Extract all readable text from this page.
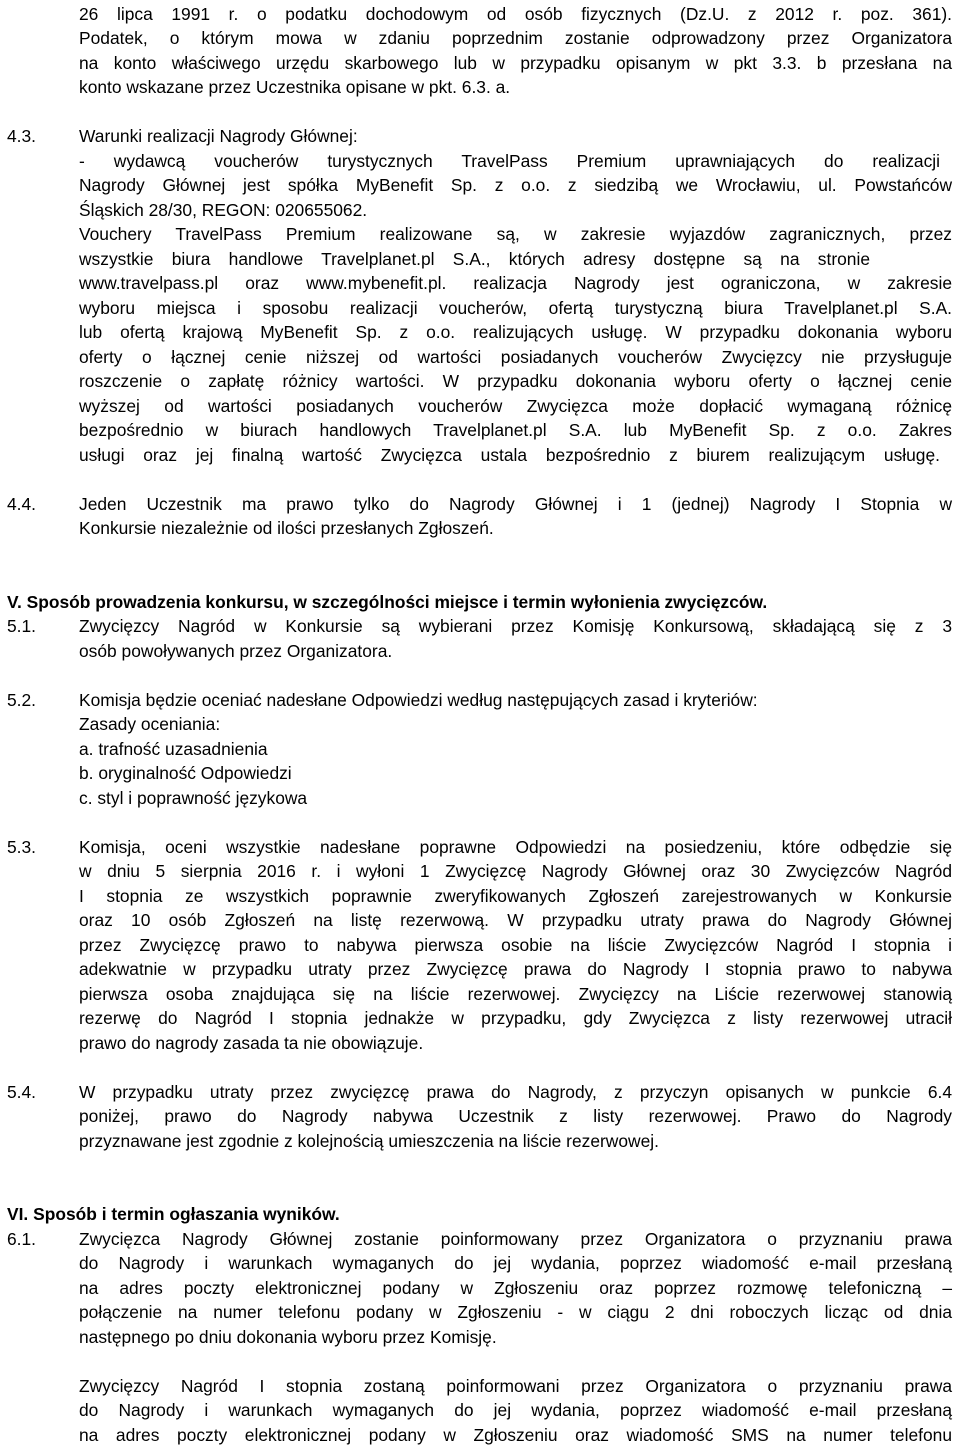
26 lipca 1991 r. o podatku dochodowym od osób fizycznych (Dz.U. z 2012 r. poz. 361).
Podatek, o którym mowa w zdaniu poprzednim zostanie odprowadzony przez Organizatora
na konto właściwego urzędu skarbowego lub w przypadku opisanym w pkt 3.3. b przesłana na
konto wskazane przez Uczestnika opisane w pkt. 6.3. a.
4.3. Warunki realizacji Nagrody Głównej:
- wydawcą voucherów turystycznych TravelPass Premium uprawniających do realizacji
Nagrody Głównej jest spółka MyBenefit Sp. z o.o. z siedzibą we Wrocławiu, ul. Powstańców
Śląskich 28/30, REGON: 020655062.
Vouchery TravelPass Premium realizowane są, w zakresie wyjazdów zagranicznych, przez
wszystkie biura handlowe Travelplanet.pl S.A., których adresy dostępne są na stronie
www.travelpass.pl oraz www.mybenefit.pl. realizacja Nagrody jest ograniczona, w zakresie
wyboru miejsca i sposobu realizacji voucherów, ofertą turystyczną biura Travelplanet.pl S.A.
lub ofertą krajową MyBenefit Sp. z o.o. realizujących usługę. W przypadku dokonania wyboru
oferty o łącznej cenie niższej od wartości posiadanych voucherów Zwycięzcy nie przysługuje
roszczenie o zapłatę różnicy wartości. W przypadku dokonania wyboru oferty o łącznej cenie
wyższej od wartości posiadanych voucherów Zwycięzca może dopłacić wymaganą różnicę
bezpośrednio w biurach handlowych Travelplanet.pl S.A. lub MyBenefit Sp. z o.o. Zakres
usługi oraz jej finalną wartość Zwycięzca ustala bezpośrednio z biurem realizującym usługę.
4.4. Jeden Uczestnik ma prawo tylko do Nagrody Głównej i 1 (jednej) Nagrody I Stopnia w
Konkursie niezależnie od ilości przesłanych Zgłoszeń.
V. Sposób prowadzenia konkursu, w szczególności miejsce i termin wyłonienia zwycięzców.
5.1. Zwycięzcy Nagród w Konkursie są wybierani przez Komisję Konkursową, składającą się z 3
osób powoływanych przez Organizatora.
5.2. Komisja będzie oceniać nadesłane Odpowiedzi według następujących zasad i kryteriów:
Zasady oceniania:
a. trafność uzasadnienia
b. oryginalność Odpowiedzi
c. styl i poprawność językowa
5.3. Komisja, oceni wszystkie nadesłane poprawne Odpowiedzi na posiedzeniu, które odbędzie się
w dniu 5 sierpnia 2016 r. i wyłoni 1 Zwycięzcę Nagrody Głównej oraz 30 Zwycięzców Nagród
I stopnia ze wszystkich poprawnie zweryfikowanych Zgłoszeń zarejestrowanych w Konkursie
oraz 10 osób Zgłoszeń na listę rezerwową. W przypadku utraty prawa do Nagrody Głównej
przez Zwycięzcę prawo to nabywa pierwsza osobie na liście Zwycięzców Nagród I stopnia i
adekwatnie w przypadku utraty przez Zwycięzcę prawa do Nagrody I stopnia prawo to nabywa
pierwsza osoba znajdująca się na liście rezerwowej. Zwycięzcy na Liście rezerwowej stanowią
rezerwę do Nagród I stopnia jednakże w przypadku, gdy Zwycięzca z listy rezerwowej utracił
prawo do nagrody zasada ta nie obowiązuje.
5.4. W przypadku utraty przez zwycięzcę prawa do Nagrody, z przyczyn opisanych w punkcie 6.4
poniżej, prawo do Nagrody nabywa Uczestnik z listy rezerwowej. Prawo do Nagrody
przyznawane jest zgodnie z kolejnością umieszczenia na liście rezerwowej.
VI. Sposób i termin ogłaszania wyników.
6.1. Zwycięzca Nagrody Głównej zostanie poinformowany przez Organizatora o przyznaniu prawa
do Nagrody i warunkach wymaganych do jej wydania, poprzez wiadomość e-mail przesłaną
na adres poczty elektronicznej podany w Zgłoszeniu oraz poprzez rozmowę telefoniczną –
połączenie na numer telefonu podany w Zgłoszeniu - w ciągu 2 dni roboczych licząc od dnia
następnego po dniu dokonania wyboru przez Komisję.
Zwycięzcy Nagród I stopnia zostaną poinformowani przez Organizatora o przyznaniu prawa
do Nagrody i warunkach wymaganych do jej wydania, poprzez wiadomość e-mail przesłaną
na adres poczty elektronicznej podany w Zgłoszeniu oraz wiadomość SMS na numer telefonu
